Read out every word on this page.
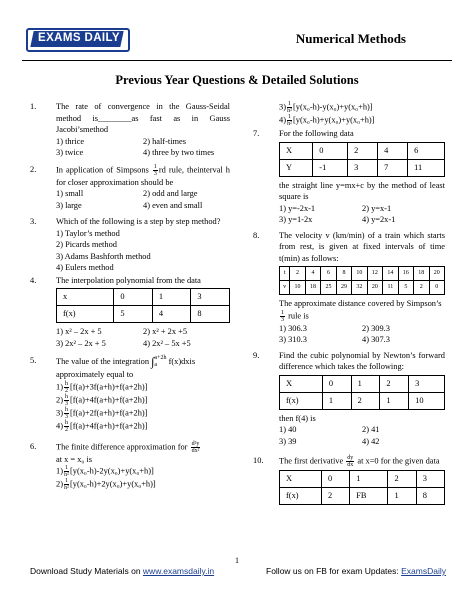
EXAMS DAILY	Numerical Methods
Previous Year Questions & Detailed Solutions
1. The rate of convergence in the Gauss-Seidal method is________as fast as in Gauss Jacobi’smethod
1) thrice	2) half-times
3) twice	4) three by two times
2. In application of Simpsons $\frac{1}{3}$ rd rule, theinterval h for closer approximation should be
1) small	2) odd and large
3) large	4) even and small
3. Which of the following is a step by step method?
1) Taylor’s method
2) Picards method
3) Adams Bashforth method
4) Eulers method
4. The interpolation polynomial from the data
x	0	1	3
f(x)	5	4	8
1) x² – 2x + 5	2) x² + 2x +5
3) 2x² – 2x + 5	4) 2x² – 5x +5
5. The value of the integration ∫ a+2h
a	f(x)dxis approximately equal to
$1) \frac{h}{2} [f(a)+3f(a+h)+f(a+2h)]$
$2) \frac{h}{3} [f(a)+4f(a+h)+f(a+2h)]$
$3) \frac{h}{3} [f(a)+2f(a+h)+f(a+2h)]$
$4) \frac{h}{2} [f(a)+4f(a+h)+f(a+2h)]$
6. The finite difference approximation for $\frac{\text{d²y}}{\text{dx²}}$
at x = x₀ is
$1) \frac{1}{\text{h²}} [y(x_0-h)-2y(x_0)+y(x_0+h)]$
$2) \frac{1}{\text{h²}} [y(x_0-h)+2y(x_0)+y(x_0+h)]$
$3) \frac{1}{\text{h²}} [y(x_0-h)-y(x_0)+y(x_0+h)]$
$4) \frac{1}{\text{h²}} [y(x_0-h)+y(x_0)+y(x_0+h)]$
7. For the following data
X	0	2	4	6
Y	-1	3	7	11
the straight line y=mx+c by the method of least square is
1) y=-2x-1	2) y=x-1
3) y=1-2x	4) y=2x-1
8. The velocity v (km/min) of a train which starts from rest, is given at fixed intervals of time t(min) as follows:
t	2	4	6	8	10	12	14	16	18	20
v	10	18	25	29	32	20	11	5	2	0
The approximate distance covered by Simpson’s
$\frac{1}{3}$ rule is
1) 306.3	2) 309.3
3) 310.3	4) 307.3
9. Find the cubic polynomial by Newton’s forward difference which takes the following:
X	0	1	2	3
f(x)	1	2	1	10
then f(4) is
1) 40	2) 41
3) 39	4) 42
10. The first derivative $\frac{dy}{dx}$ at x=0 for the given data
X	0	1	2	3
f(x)	2	FB	1	8
1
Download Study Materials on www.examsdaily.in	Follow us on FB for exam Updates: ExamsDaily
